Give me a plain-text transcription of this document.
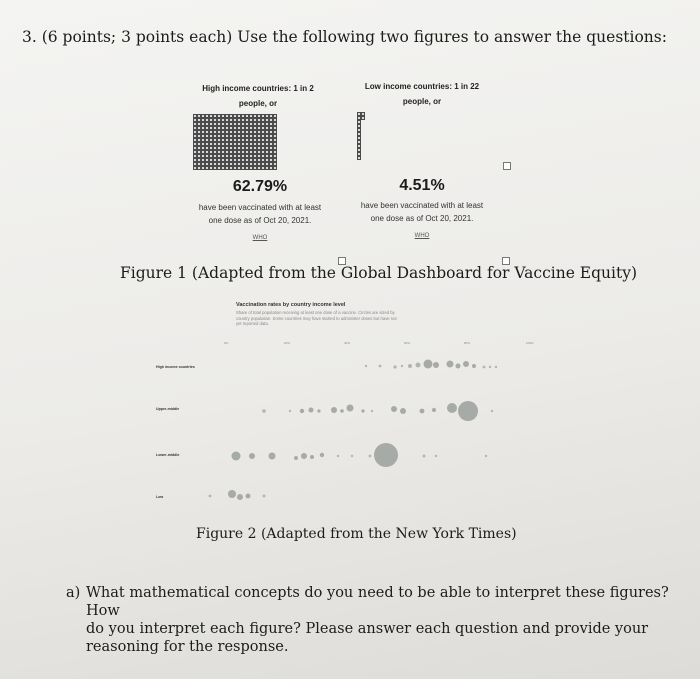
3. (6 points; 3 points each) Use the following two figures to answer the questions:
High income countries: 1 in 2
people, or
62.79%
have been vaccinated with at least
one dose as of Oct 20, 2021.
WHO
Low income countries: 1 in 22
people, or
4.51%
have been vaccinated with at least
one dose as of Oct 20, 2021.
WHO
Figure 1 (Adapted from the Global Dashboard for Vaccine Equity)
Vaccination rates by country income level
Share of total population receiving at least one dose of a vaccine. Circles are sized by
country population. Some countries may have started to administer doses but have not
yet reported data.
0%	20%	40%	60%	80%	100%
High income countries
Upper-middle
Lower-middle
Low
Figure 2 (Adapted from the New York Times)
a) What mathematical concepts do you need to be able to interpret these figures? How
do you interpret each figure? Please answer each question and provide your
reasoning for the response.
